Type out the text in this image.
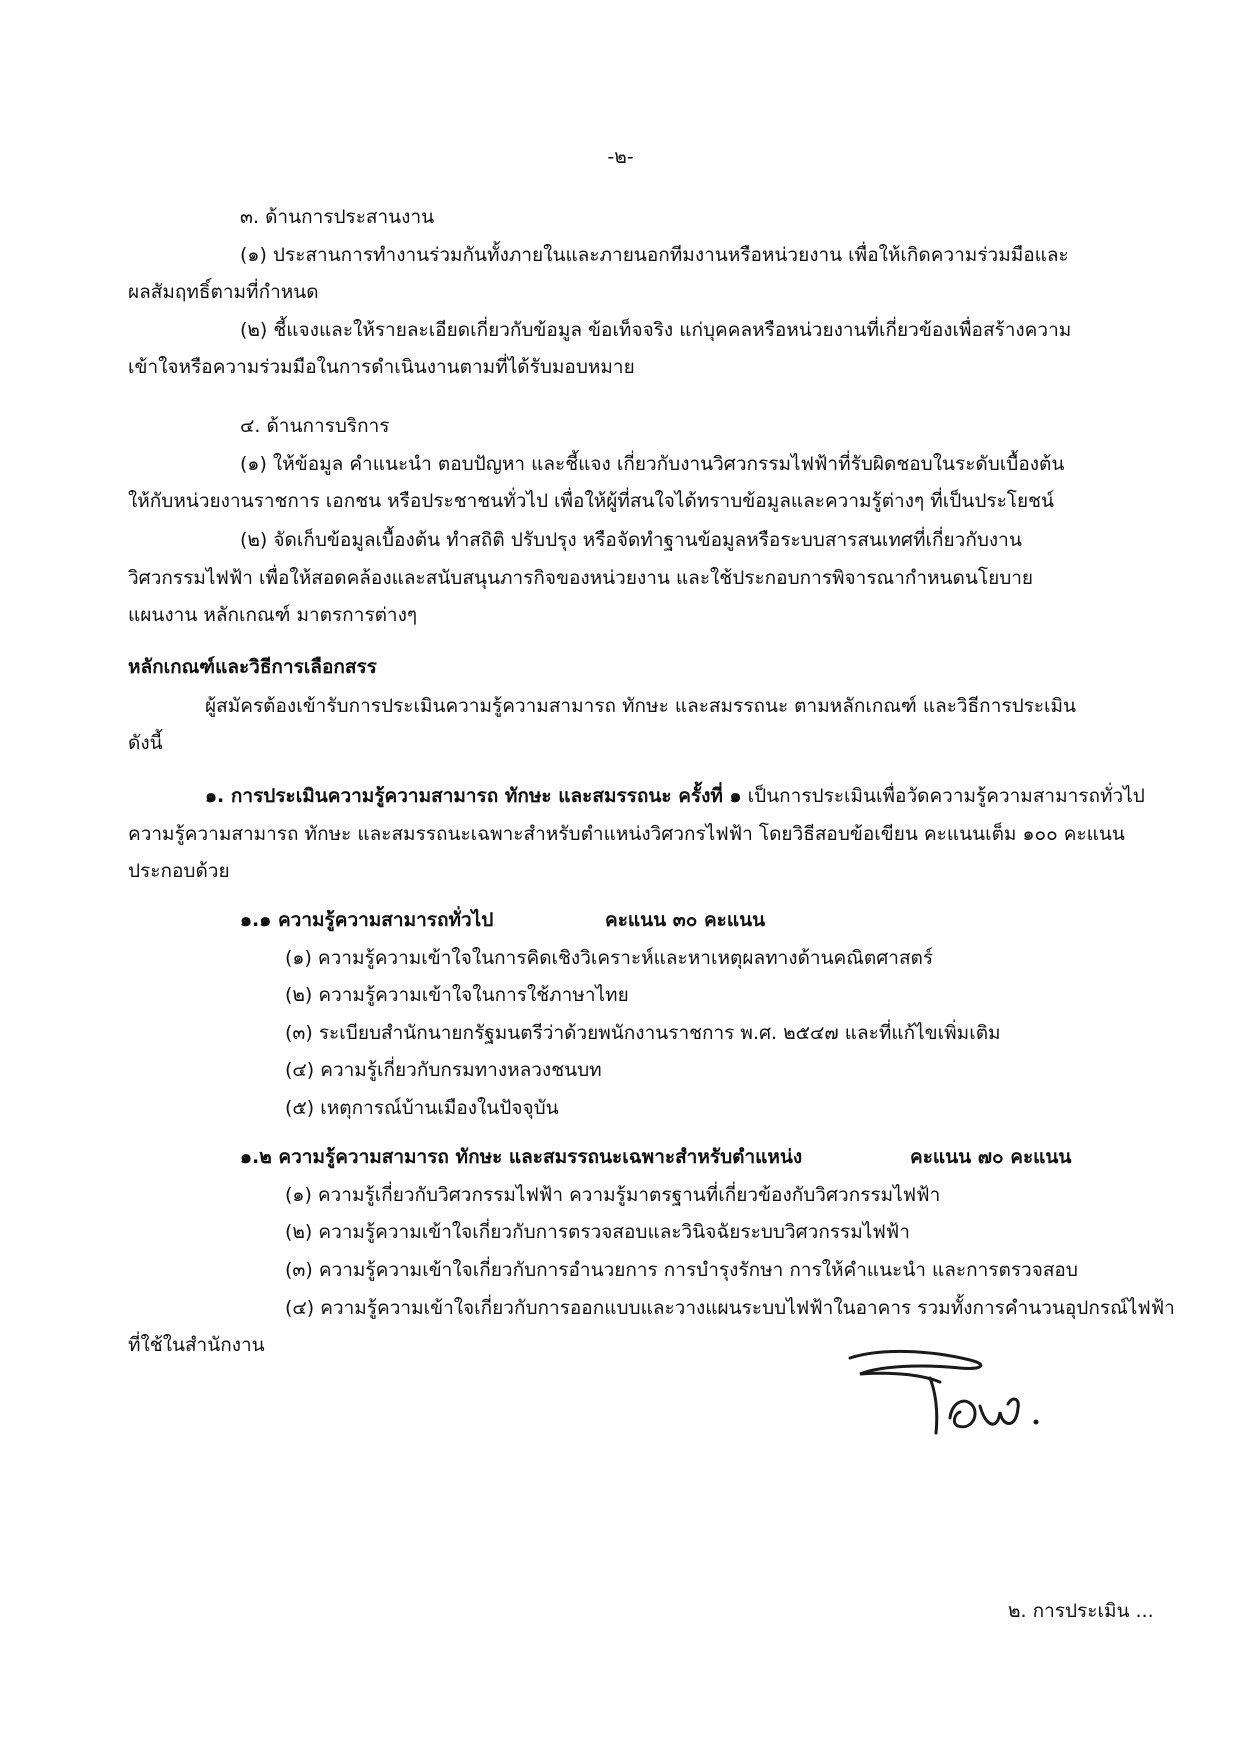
-๒-
๓. ด้านการประสานงาน
(๑) ประสานการทำงานร่วมกันทั้งภายในและภายนอกทีมงานหรือหน่วยงาน เพื่อให้เกิดความร่วมมือและ
ผลสัมฤทธิ์ตามที่กำหนด
(๒) ชี้แจงและให้รายละเอียดเกี่ยวกับข้อมูล ข้อเท็จจริง แก่บุคคลหรือหน่วยงานที่เกี่ยวข้องเพื่อสร้างความ
เข้าใจหรือความร่วมมือในการดำเนินงานตามที่ได้รับมอบหมาย
๔. ด้านการบริการ
(๑) ให้ข้อมูล คำแนะนำ ตอบปัญหา และชี้แจง เกี่ยวกับงานวิศวกรรมไฟฟ้าที่รับผิดชอบในระดับเบื้องต้น
ให้กับหน่วยงานราชการ เอกชน หรือประชาชนทั่วไป เพื่อให้ผู้ที่สนใจได้ทราบข้อมูลและความรู้ต่างๆ ที่เป็นประโยชน์
(๒) จัดเก็บข้อมูลเบื้องต้น ทำสถิติ ปรับปรุง หรือจัดทำฐานข้อมูลหรือระบบสารสนเทศที่เกี่ยวกับงาน
วิศวกรรมไฟฟ้า เพื่อให้สอดคล้องและสนับสนุนภารกิจของหน่วยงาน และใช้ประกอบการพิจารณากำหนดนโยบาย
แผนงาน หลักเกณฑ์ มาตรการต่างๆ
หลักเกณฑ์และวิธีการเลือกสรร
ผู้สมัครต้องเข้ารับการประเมินความรู้ความสามารถ ทักษะ และสมรรถนะ ตามหลักเกณฑ์ และวิธีการประเมิน
ดังนี้
๑. การประเมินความรู้ความสามารถ ทักษะ และสมรรถนะ ครั้งที่ ๑ เป็นการประเมินเพื่อวัดความรู้ความสามารถทั่วไป
ความรู้ความสามารถ ทักษะ และสมรรถนะเฉพาะสำหรับตำแหน่งวิศวกรไฟฟ้า โดยวิธีสอบข้อเขียน คะแนนเต็ม ๑๐๐ คะแนน
ประกอบด้วย
๑.๑ ความรู้ความสามารถทั่วไป	คะแนน ๓๐ คะแนน
(๑) ความรู้ความเข้าใจในการคิดเชิงวิเคราะห์และหาเหตุผลทางด้านคณิตศาสตร์
(๒) ความรู้ความเข้าใจในการใช้ภาษาไทย
(๓) ระเบียบสำนักนายกรัฐมนตรีว่าด้วยพนักงานราชการ พ.ศ. ๒๕๔๗ และที่แก้ไขเพิ่มเติม
(๔) ความรู้เกี่ยวกับกรมทางหลวงชนบท
(๕) เหตุการณ์บ้านเมืองในปัจจุบัน
๑.๒ ความรู้ความสามารถ ทักษะ และสมรรถนะเฉพาะสำหรับตำแหน่ง	คะแนน ๗๐ คะแนน
(๑) ความรู้เกี่ยวกับวิศวกรรมไฟฟ้า ความรู้มาตรฐานที่เกี่ยวข้องกับวิศวกรรมไฟฟ้า
(๒) ความรู้ความเข้าใจเกี่ยวกับการตรวจสอบและวินิจฉัยระบบวิศวกรรมไฟฟ้า
(๓) ความรู้ความเข้าใจเกี่ยวกับการอำนวยการ การบำรุงรักษา การให้คำแนะนำ และการตรวจสอบ
(๔) ความรู้ความเข้าใจเกี่ยวกับการออกแบบและวางแผนระบบไฟฟ้าในอาคาร รวมทั้งการคำนวนอุปกรณ์ไฟฟ้า
ที่ใช้ในสำนักงาน
๒. การประเมิน ...
